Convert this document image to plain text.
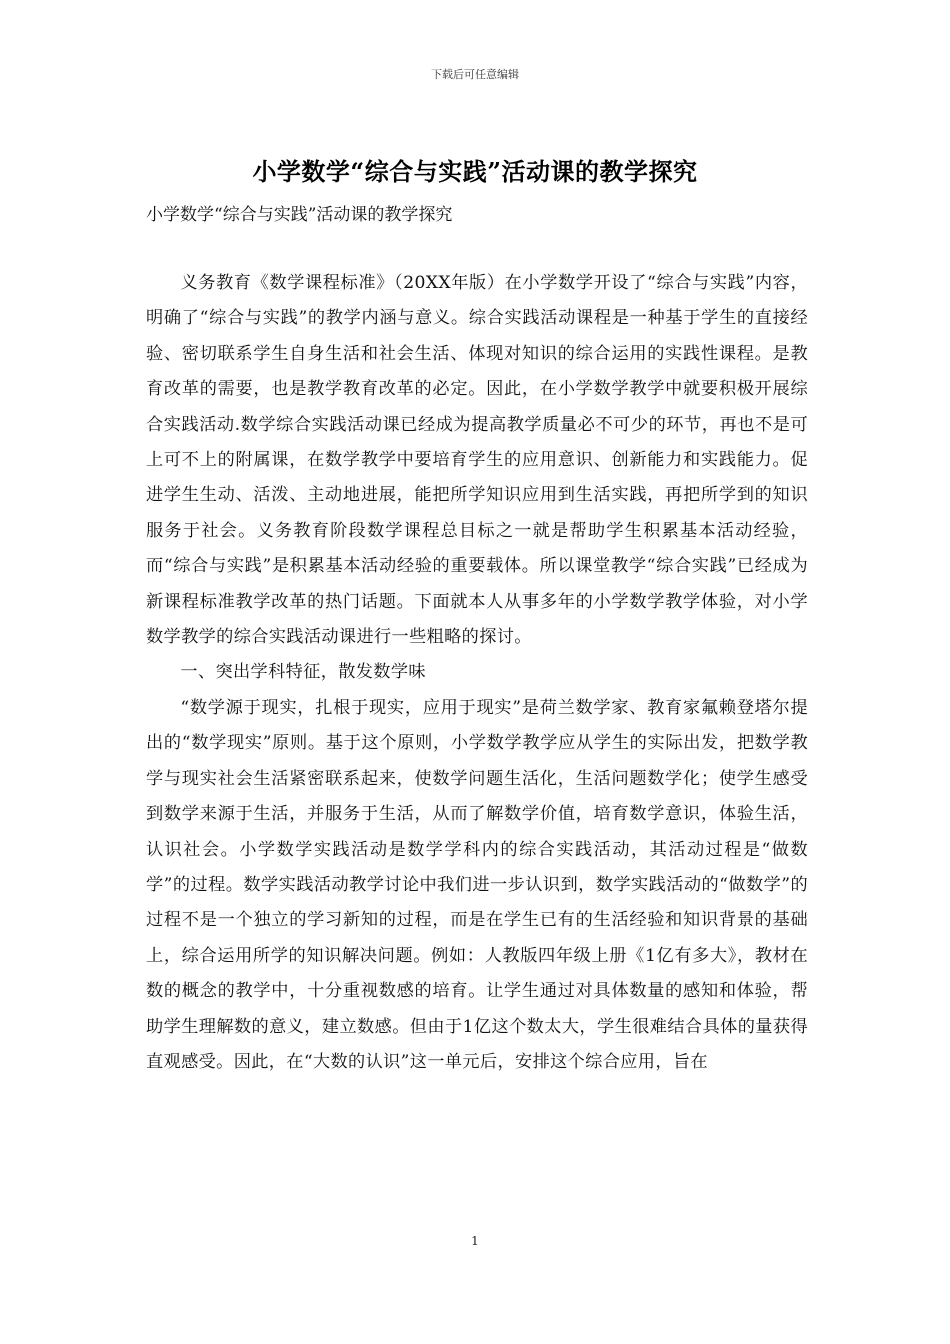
下载后可任意编辑
小学数学“综合与实践”活动课的教学探究
小学数学“综合与实践”活动课的教学探究

义务教育《数学课程标准》（20XX年版）在小学数学开设了“综合与实践”内容，明确了“综合与实践”的教学内涵与意义。综合实践活动课程是一种基于学生的直接经验、密切联系学生自身生活和社会生活、体现对知识的综合运用的实践性课程。是教育改革的需要，也是教学教育改革的必定。因此，在小学数学教学中就要积极开展综合实践活动.数学综合实践活动课已经成为提高教学质量必不可少的环节，再也不是可上可不上的附属课，在数学教学中要培育学生的应用意识、创新能力和实践能力。促进学生生动、活泼、主动地进展，能把所学知识应用到生活实践，再把所学到的知识服务于社会。义务教育阶段数学课程总目标之一就是帮助学生积累基本活动经验，而“综合与实践”是积累基本活动经验的重要载体。所以课堂教学“综合实践”已经成为新课程标准教学改革的热门话题。下面就本人从事多年的小学数学教学体验，对小学数学教学的综合实践活动课进行一些粗略的探讨。

一、突出学科特征，散发数学味

“数学源于现实，扎根于现实，应用于现实”是荷兰数学家、教育家氟赖登塔尔提出的“数学现实”原则。基于这个原则，小学数学教学应从学生的实际出发，把数学教学与现实社会生活紧密联系起来，使数学问题生活化，生活问题数学化；使学生感受到数学来源于生活，并服务于生活，从而了解数学价值，培育数学意识，体验生活，认识社会。小学数学实践活动是数学学科内的综合实践活动，其活动过程是“做数学”的过程。数学实践活动教学讨论中我们进一步认识到，数学实践活动的“做数学”的过程不是一个独立的学习新知的过程，而是在学生已有的生活经验和知识背景的基础上，综合运用所学的知识解决问题。例如：人教版四年级上册《1亿有多大》，教材在数的概念的教学中，十分重视数感的培育。让学生通过对具体数量的感知和体验，帮助学生理解数的意义，建立数感。但由于1亿这个数太大，学生很难结合具体的量获得直观感受。因此，在“大数的认识”这一单元后，安排这个综合应用，旨在

1
